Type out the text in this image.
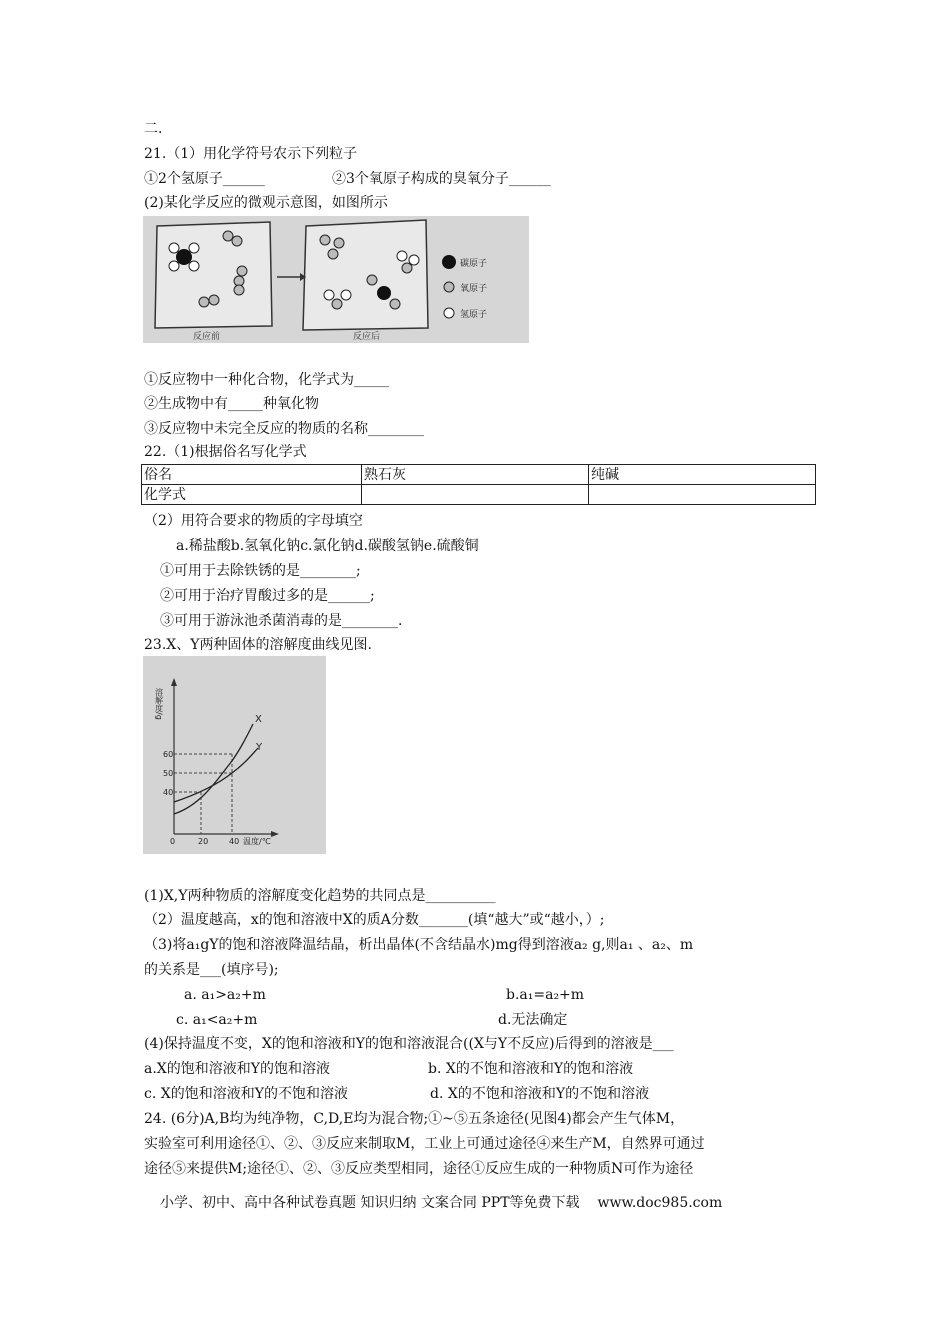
二.
21.（1）用化学符号农示下列粒子
①2个氢原子______	②3个氧原子构成的臭氧分子______
(2)某化学反应的微观示意图，如图所示
碳原子
氧原子
氢原子
反应前	反应后
①反应物中一种化合物，化学式为_____
②生成物中有_____种氧化物
③反应物中未完全反应的物质的名称________
22.（1)根据俗名写化学式
俗名	熟石灰	纯碱
化学式		
（2）用符合要求的物质的字母填空
a.稀盐酸b.氢氧化钠c.氯化钠d.碳酸氢钠e.硫酸铜
①可用于去除铁锈的是________;
②可用于治疗胃酸过多的是______;
③可用于游泳池杀菌消毒的是________.
23.X、Y两种固体的溶解度曲线见图.
X
Y
60
50
40
0	20	40
溶解度/g
温度/℃
(1)X,Y两种物质的溶解度变化趋势的共同点是__________
（2）温度越高，x的饱和溶液中X的质A分数_______(填“越大”或“越小，）;
（3)将a₁gY的饱和溶液降温结晶，析出晶体(不含结晶水)mg得到溶液a₂ g,则a₁ 、a₂、m
的关系是___(填序号);
a. a₁>a₂+m	b.a₁=a₂+m
c. a₁<a₂+m	d.无法确定
(4)保持温度不变，X的饱和溶液和Y的饱和溶液混合((X与Y不反应)后得到的溶液是___
a.X的饱和溶液和Y的饱和溶液	b. X的不饱和溶液和Y的饱和溶液
c. X的饱和溶液和Y的不饱和溶液	d. X的不饱和溶液和Y的不饱和溶液
24. (6分)A,B均为纯净物，C,D,E均为混合物;①~⑤五条途径(见图4)都会产生气体M，
实验室可利用途径①、②、③反应来制取M，工业上可通过途径④来生产M，自然界可通过
途径⑤来提供M;途径①、②、③反应类型相同，途径①反应生成的一种物质N可作为途径
小学、初中、高中各种试卷真题 知识归纳 文案合同 PPT等免费下载 www.doc985.com
